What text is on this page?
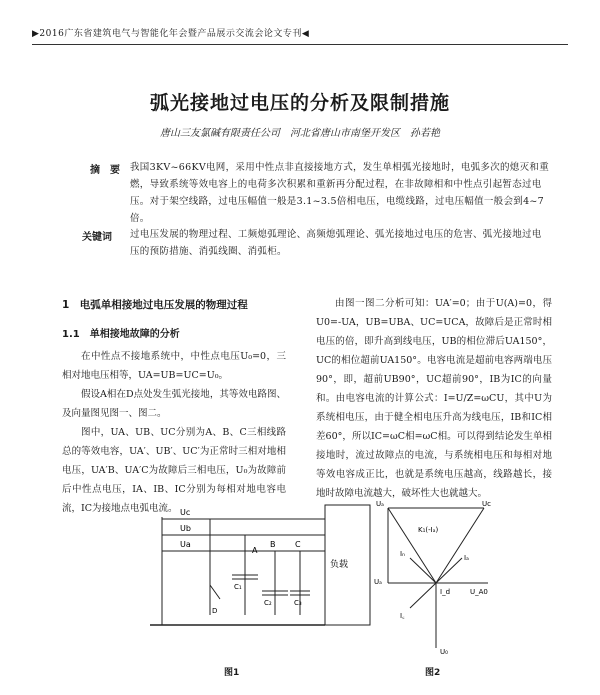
▶2016广东省建筑电气与智能化年会暨产品展示交流会论文专刊◀
弧光接地过电压的分析及限制措施
唐山三友氯碱有限责任公司　河北省唐山市南堡开发区　孙若艳
摘　要 我国3KV~66KV电网，采用中性点非直接接地方式，发生单相弧光接地时，电弧多次的熄灭和重燃，导致系统等效电容上的电荷多次积累和重新再分配过程，在非故障相和中性点引起暂态过电压。对于架空线路，过电压幅值一般是3.1~3.5倍相电压，电缆线路，过电压幅值一般会到4~7倍。
关键词 过电压发展的物理过程、工频熄弧理论、高频熄弧理论、弧光接地过电压的危害、弧光接地过电压的预防措施、消弧线圈、消弧柜。
1　电弧单相接地过电压发展的物理过程
1.1　单相接地故障的分析

在中性点不接地系统中，中性点电压U₀=0，三相对地电压相等，UA=UB=UC=U₀。

假设A相在D点处发生弧光接地，其等效电路图、及向量图见图一、图二。

图中，UA、UB、UC分别为A、B、C三相线路总的等效电容，UA′、UB′、UC′为正常时三相对地相电压，UA′B、UA′C为故障后三相电压，U₀为故障前后中性点电压，IA、IB、IC分别为每相对地电容电流，IC为接地点电弧电流。

由图一图二分析可知：UA′=0；由于U(A)=0，得U0=-UA，UB=UBA、UC=UCA，故障后是正常时相电压的倍，即升高到线电压，UB的相位滞后UA150°，UC的相位超前UA150°。电容电流是超前电容两端电压90°，即，超前UB90°，UC超前90°，IB为IC的向量和。由电容电流的计算公式：I=U/Z=ωCU，其中U为系统相电压，由于健全相电压升高为线电压，IB和IC相差60°，所以IC=ωC相=ωC相。可以得到结论发生单相接地时，流过故障点的电流，与系统相电压和每相对地等效电容成正比，也就是系统电压越高，线路越长，接地时故障电流越大，破坏性大也就越大。

Uc
Ub
Ua
负载
A
B C
C₁
C₂	C₃
D
Uₐ	Uc
Uₐ
K₁(-Iₐ)
Iₙ
I꜀
Iₐ
I_d	U_A0
U₀
图1	图2
